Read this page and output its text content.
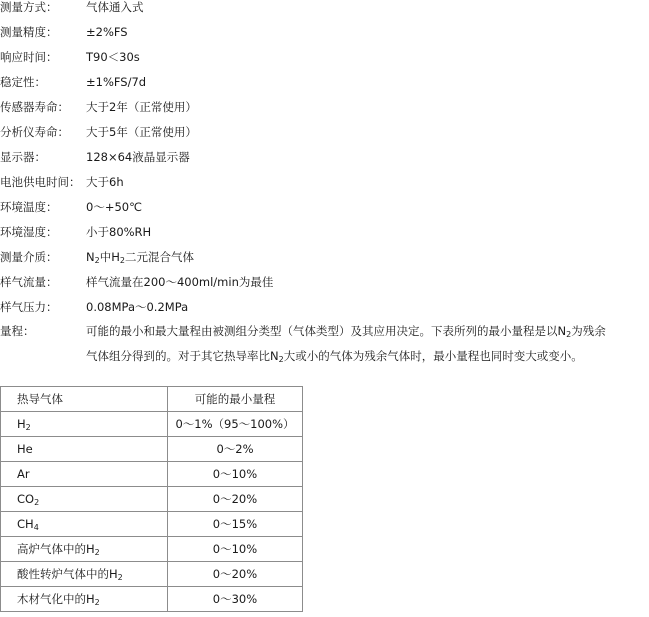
测量方式： 气体通入式
测量精度： ±2%FS
响应时间： T90＜30s
稳定性：	±1%FS/7d
传感器寿命： 大于2年（正常使用）
分析仪寿命： 大于5年（正常使用）
显示器：	128×64液晶显示器
电池供电时间： 大于6h
环境温度： 0～+50℃
环境湿度： 小于80%RH
测量介质： $N_2$中$H_2$二元混合气体
样气流量： 样气流量在200～400ml/min为最佳
样气压力： 0.08MPa～0.2MPa
量程：	可能的最小和最大量程由被测组分类型（气体类型）及其应用决定。下表所列的最小量程是以$N_2$为残余
气体组分得到的。对于其它热导率比$N_2$大或小的气体为残余气体时，最小量程也同时变大或变小。
热导气体	可能的最小量程
$H_2$	0～1%（95～100%）
He	0～2%
Ar	0～10%
$CO_2$	0～20%
$CH_4$	0～15%
高炉气体中的$H_2$	0～10%
酸性转炉气体中的$H_2$	0～20%
木材气化中的$H_2$	0～30%
